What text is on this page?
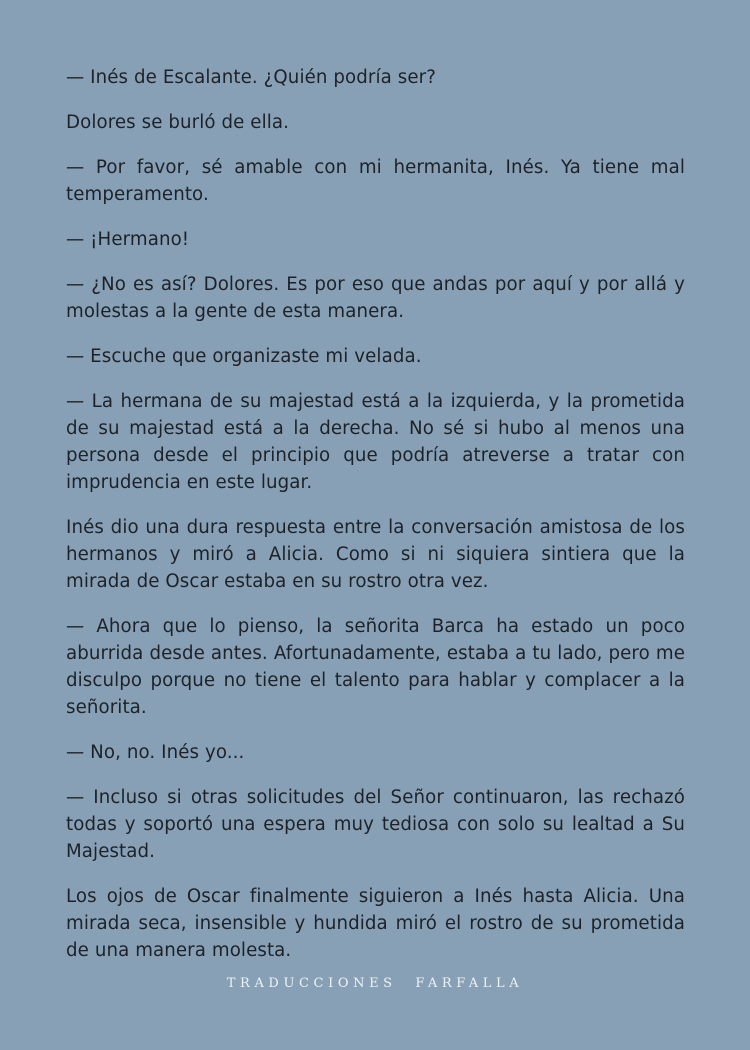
— Inés de Escalante. ¿Quién podría ser?

Dolores se burló de ella.

— Por favor, sé amable con mi hermanita, Inés. Ya tiene mal temperamento.

— ¡Hermano!

— ¿No es así? Dolores. Es por eso que andas por aquí y por allá y molestas a la gente de esta manera.

— Escuche que organizaste mi velada.

— La hermana de su majestad está a la izquierda, y la prometida de su majestad está a la derecha. No sé si hubo al menos una persona desde el principio que podría atreverse a tratar con imprudencia en este lugar.

Inés dio una dura respuesta entre la conversación amistosa de los hermanos y miró a Alicia. Como si ni siquiera sintiera que la mirada de Oscar estaba en su rostro otra vez.

— Ahora que lo pienso, la señorita Barca ha estado un poco aburrida desde antes. Afortunadamente, estaba a tu lado, pero me disculpo porque no tiene el talento para hablar y complacer a la señorita.

— No, no. Inés yo...

— Incluso si otras solicitudes del Señor continuaron, las rechazó todas y soportó una espera muy tediosa con solo su lealtad a Su Majestad.

Los ojos de Oscar finalmente siguieron a Inés hasta Alicia. Una mirada seca, insensible y hundida miró el rostro de su prometida de una manera molesta.

TRADUCCIONES FARFALLA
